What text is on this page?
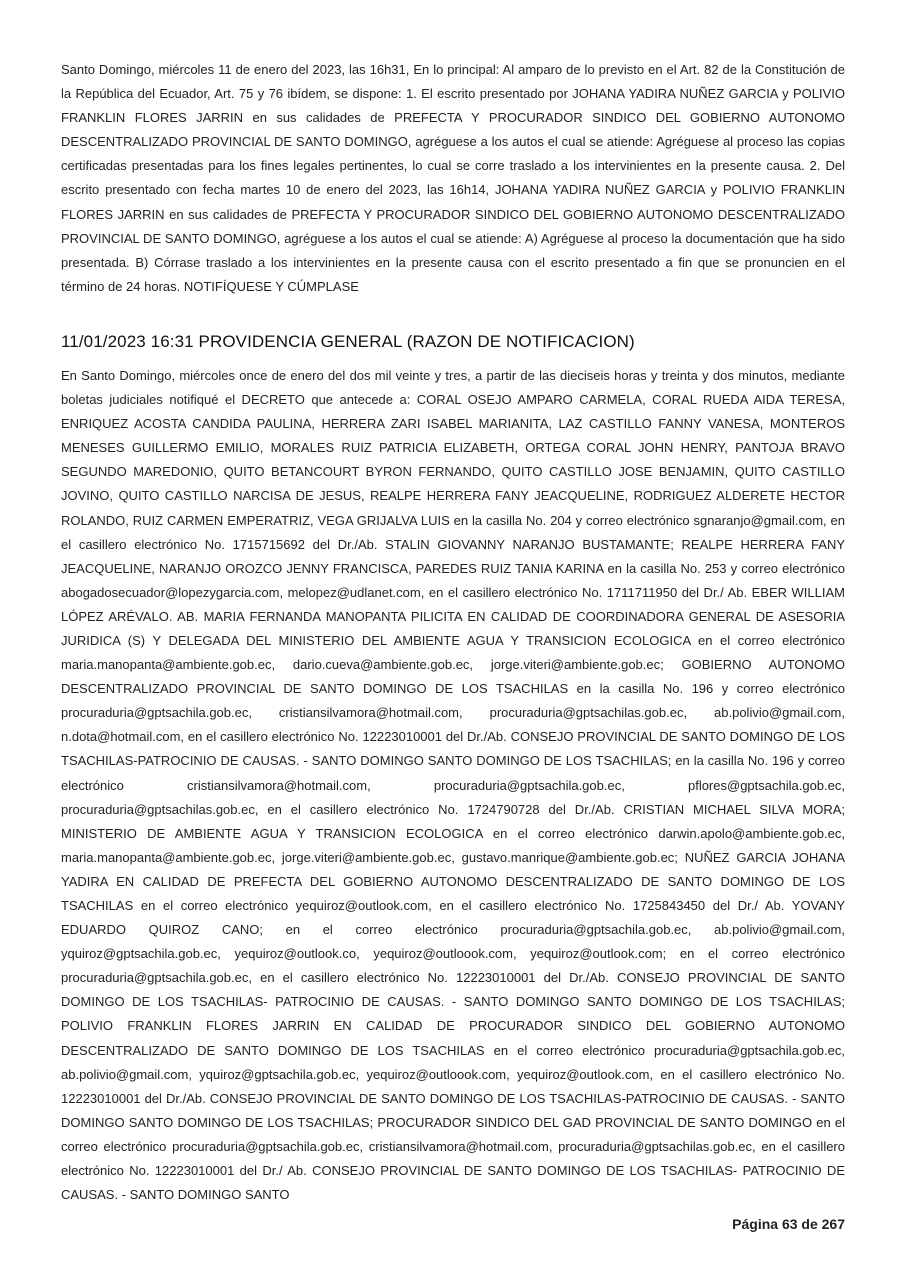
Santo Domingo, miércoles 11 de enero del 2023, las 16h31, En lo principal: Al amparo de lo previsto en el Art. 82 de la Constitución de la República del Ecuador, Art. 75 y 76 ibídem, se dispone: 1. El escrito presentado por JOHANA YADIRA NUÑEZ GARCIA y POLIVIO FRANKLIN FLORES JARRIN en sus calidades de PREFECTA Y PROCURADOR SINDICO DEL GOBIERNO AUTONOMO DESCENTRALIZADO PROVINCIAL DE SANTO DOMINGO, agréguese a los autos el cual se atiende: Agréguese al proceso las copias certificadas presentadas para los fines legales pertinentes, lo cual se corre traslado a los intervinientes en la presente causa. 2. Del escrito presentado con fecha martes 10 de enero del 2023, las 16h14, JOHANA YADIRA NUÑEZ GARCIA y POLIVIO FRANKLIN FLORES JARRIN en sus calidades de PREFECTA Y PROCURADOR SINDICO DEL GOBIERNO AUTONOMO DESCENTRALIZADO PROVINCIAL DE SANTO DOMINGO, agréguese a los autos el cual se atiende: A) Agréguese al proceso la documentación que ha sido presentada. B) Córrase traslado a los intervinientes en la presente causa con el escrito presentado a fin que se pronuncien en el término de 24 horas. NOTIFÍQUESE Y CÚMPLASE

11/01/2023 16:31 PROVIDENCIA GENERAL (RAZON DE NOTIFICACION)

En Santo Domingo, miércoles once de enero del dos mil veinte y tres, a partir de las dieciseis horas y treinta y dos minutos, mediante boletas judiciales notifiqué el DECRETO que antecede a: CORAL OSEJO AMPARO CARMELA, CORAL RUEDA AIDA TERESA, ENRIQUEZ ACOSTA CANDIDA PAULINA, HERRERA ZARI ISABEL MARIANITA, LAZ CASTILLO FANNY VANESA, MONTEROS MENESES GUILLERMO EMILIO, MORALES RUIZ PATRICIA ELIZABETH, ORTEGA CORAL JOHN HENRY, PANTOJA BRAVO SEGUNDO MAREDONIO, QUITO BETANCOURT BYRON FERNANDO, QUITO CASTILLO JOSE BENJAMIN, QUITO CASTILLO JOVINO, QUITO CASTILLO NARCISA DE JESUS, REALPE HERRERA FANY JEACQUELINE, RODRIGUEZ ALDERETE HECTOR ROLANDO, RUIZ CARMEN EMPERATRIZ, VEGA GRIJALVA LUIS en la casilla No. 204 y correo electrónico sgnaranjo@gmail.com, en el casillero electrónico No. 1715715692 del Dr./Ab. STALIN GIOVANNY NARANJO BUSTAMANTE; REALPE HERRERA FANY JEACQUELINE, NARANJO OROZCO JENNY FRANCISCA, PAREDES RUIZ TANIA KARINA en la casilla No. 253 y correo electrónico abogadosecuador@lopezygarcia.com, melopez@udlanet.com, en el casillero electrónico No. 1711711950 del Dr./ Ab. EBER WILLIAM LÓPEZ ARÉVALO. AB. MARIA FERNANDA MANOPANTA PILICITA EN CALIDAD DE COORDINADORA GENERAL DE ASESORIA JURIDICA (S) Y DELEGADA DEL MINISTERIO DEL AMBIENTE AGUA Y TRANSICION ECOLOGICA en el correo electrónico maria.manopanta@ambiente.gob.ec, dario.cueva@ambiente.gob.ec, jorge.viteri@ambiente.gob.ec; GOBIERNO AUTONOMO DESCENTRALIZADO PROVINCIAL DE SANTO DOMINGO DE LOS TSACHILAS en la casilla No. 196 y correo electrónico procuraduria@gptsachila.gob.ec, cristiansilvamora@hotmail.com, procuraduria@gptsachilas.gob.ec, ab.polivio@gmail.com, n.dota@hotmail.com, en el casillero electrónico No. 12223010001 del Dr./Ab. CONSEJO PROVINCIAL DE SANTO DOMINGO DE LOS TSACHILAS-PATROCINIO DE CAUSAS. - SANTO DOMINGO SANTO DOMINGO DE LOS TSACHILAS; en la casilla No. 196 y correo electrónico cristiansilvamora@hotmail.com, procuraduria@gptsachila.gob.ec, pflores@gptsachila.gob.ec, procuraduria@gptsachilas.gob.ec, en el casillero electrónico No. 1724790728 del Dr./Ab. CRISTIAN MICHAEL SILVA MORA; MINISTERIO DE AMBIENTE AGUA Y TRANSICION ECOLOGICA en el correo electrónico darwin.apolo@ambiente.gob.ec, maria.manopanta@ambiente.gob.ec, jorge.viteri@ambiente.gob.ec, gustavo.manrique@ambiente.gob.ec; NUÑEZ GARCIA JOHANA YADIRA EN CALIDAD DE PREFECTA DEL GOBIERNO AUTONOMO DESCENTRALIZADO DE SANTO DOMINGO DE LOS TSACHILAS en el correo electrónico yequiroz@outlook.com, en el casillero electrónico No. 1725843450 del Dr./ Ab. YOVANY EDUARDO QUIROZ CANO; en el correo electrónico procuraduria@gptsachila.gob.ec, ab.polivio@gmail.com, yquiroz@gptsachila.gob.ec, yequiroz@outlook.co, yequiroz@outloook.com, yequiroz@outlook.com; en el correo electrónico procuraduria@gptsachila.gob.ec, en el casillero electrónico No. 12223010001 del Dr./Ab. CONSEJO PROVINCIAL DE SANTO DOMINGO DE LOS TSACHILAS- PATROCINIO DE CAUSAS. - SANTO DOMINGO SANTO DOMINGO DE LOS TSACHILAS; POLIVIO FRANKLIN FLORES JARRIN EN CALIDAD DE PROCURADOR SINDICO DEL GOBIERNO AUTONOMO DESCENTRALIZADO DE SANTO DOMINGO DE LOS TSACHILAS en el correo electrónico procuraduria@gptsachila.gob.ec, ab.polivio@gmail.com, yquiroz@gptsachila.gob.ec, yequiroz@outloook.com, yequiroz@outlook.com, en el casillero electrónico No. 12223010001 del Dr./Ab. CONSEJO PROVINCIAL DE SANTO DOMINGO DE LOS TSACHILAS-PATROCINIO DE CAUSAS. - SANTO DOMINGO SANTO DOMINGO DE LOS TSACHILAS; PROCURADOR SINDICO DEL GAD PROVINCIAL DE SANTO DOMINGO en el correo electrónico procuraduria@gptsachila.gob.ec, cristiansilvamora@hotmail.com, procuraduria@gptsachilas.gob.ec, en el casillero electrónico No. 12223010001 del Dr./ Ab. CONSEJO PROVINCIAL DE SANTO DOMINGO DE LOS TSACHILAS- PATROCINIO DE CAUSAS. - SANTO DOMINGO SANTO

Página 63 de 267
